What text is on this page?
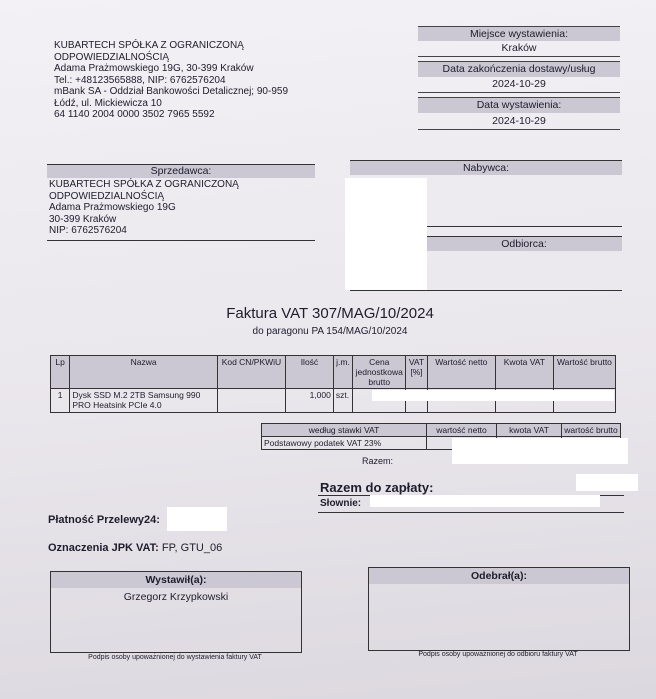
KUBARTECH SPÓŁKA Z OGRANICZONĄ
ODPOWIEDZIALNOŚCIĄ
Adama Prażmowskiego 19G, 30-399 Kraków
Tel.: +48123565888, NIP: 6762576204
mBank SA - Oddział Bankowości Detalicznej; 90-959
Łódź, ul. Mickiewicza 10
64 1140 2004 0000 3502 7965 5592
Miejsce wystawienia:
Kraków
Data zakończenia dostawy/usług
2024-10-29
Data wystawienia:
2024-10-29
Sprzedawca:
KUBARTECH SPÓŁKA Z OGRANICZONĄ
ODPOWIEDZIALNOŚCIĄ
Adama Prażmowskiego 19G
30-399 Kraków
NIP: 6762576204
Nabywca:
Odbiorca:
Faktura VAT 307/MAG/10/2024
do paragonu PA 154/MAG/10/2024
Lp	Nazwa	Kod CN/PKWiU	Ilość	j.m.	Cena jednostkowa brutto	VAT [%]	Wartość netto	Kwota VAT	Wartość brutto
1	Dysk SSD M.2 2TB Samsung 990 PRO Heatsink PCIe 4.0		1,000	szt.					
według stawki VAT	wartość netto	kwota VAT	wartość brutto
Podstawowy podatek VAT 23%			
Razem:
Razem do zapłaty:
Słownie:
Płatność Przelewy24:
Oznaczenia JPK VAT: FP, GTU_06
Wystawił(a):
Grzegorz Krzypkowski
Podpis osoby upoważnionej do wystawienia faktury VAT
Odebrał(a):
Podpis osoby upoważnionej do odbioru faktury VAT
